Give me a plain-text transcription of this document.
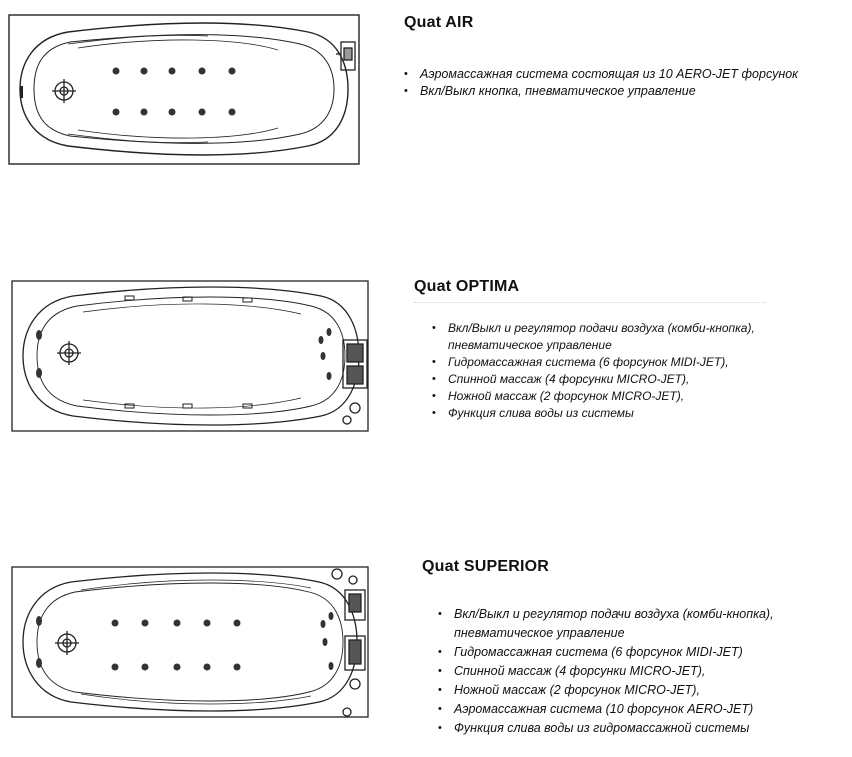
Quat AIR
• Аэромассажная система состоящая из 10 AERO-JET форсунок
• Вкл/Выкл кнопка, пневматическое управление
Quat OPTIMA
• Вкл/Выкл и регулятор подачи воздуха (комби-кнопка), пневматическое управление
• Гидромассажная система (6 форсунок MIDI-JET),
• Спинной массаж (4 форсунки MICRO-JET),
• Ножной массаж (2 форсунок MICRO-JET),
• Функция слива воды из системы
Quat SUPERIOR
• Вкл/Выкл и регулятор подачи воздуха (комби-кнопка), пневматическое управление
• Гидромассажная система (6 форсунок MIDI-JET)
• Спинной массаж (4 форсунки MICRO-JET),
• Ножной массаж (2 форсунок MICRO-JET),
• Аэромассажная система (10 форсунок AERO-JET)
• Функция слива воды из гидромассажной системы
